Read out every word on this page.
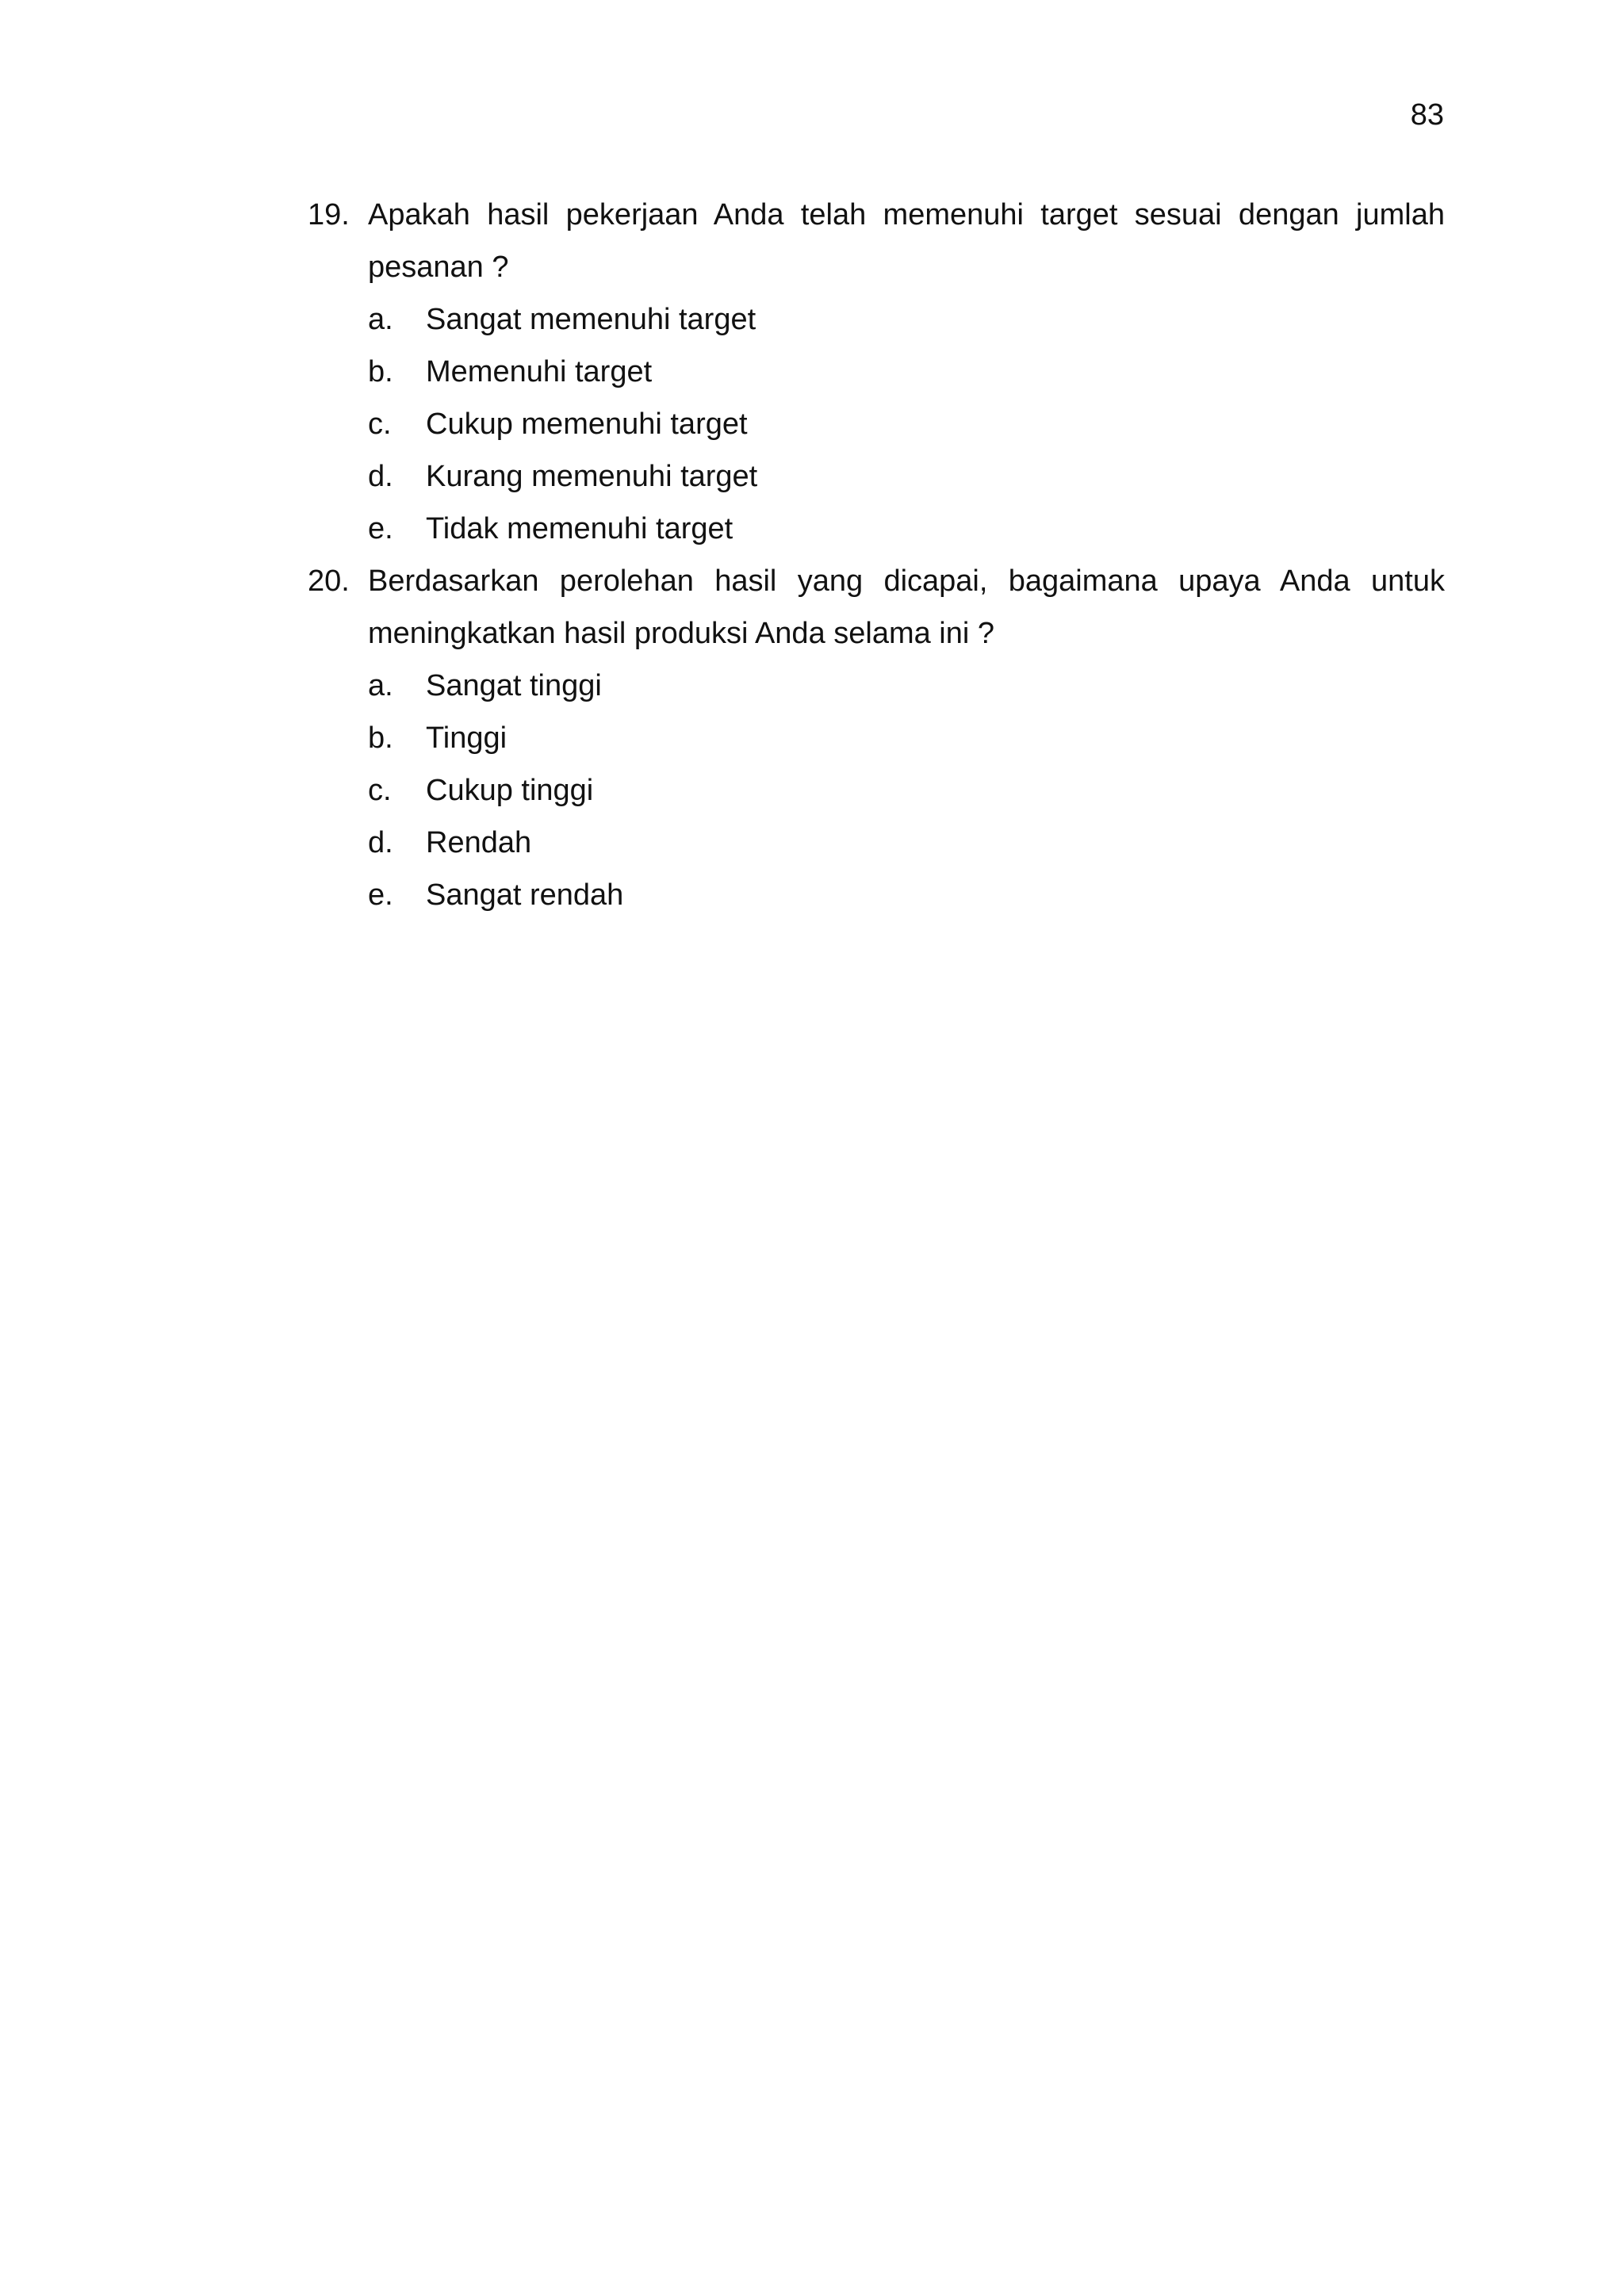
83
19. Apakah hasil pekerjaan Anda telah memenuhi target sesuai dengan jumlah pesanan ?

a.	Sangat memenuhi target
b.	Memenuhi target
c.	Cukup memenuhi target
d.	Kurang memenuhi target
e.	Tidak memenuhi target
20. Berdasarkan perolehan hasil yang dicapai, bagaimana upaya Anda untuk meningkatkan hasil produksi Anda selama ini ?

a.	Sangat tinggi
b.	Tinggi
c.	Cukup tinggi
d.	Rendah
e.	Sangat rendah
